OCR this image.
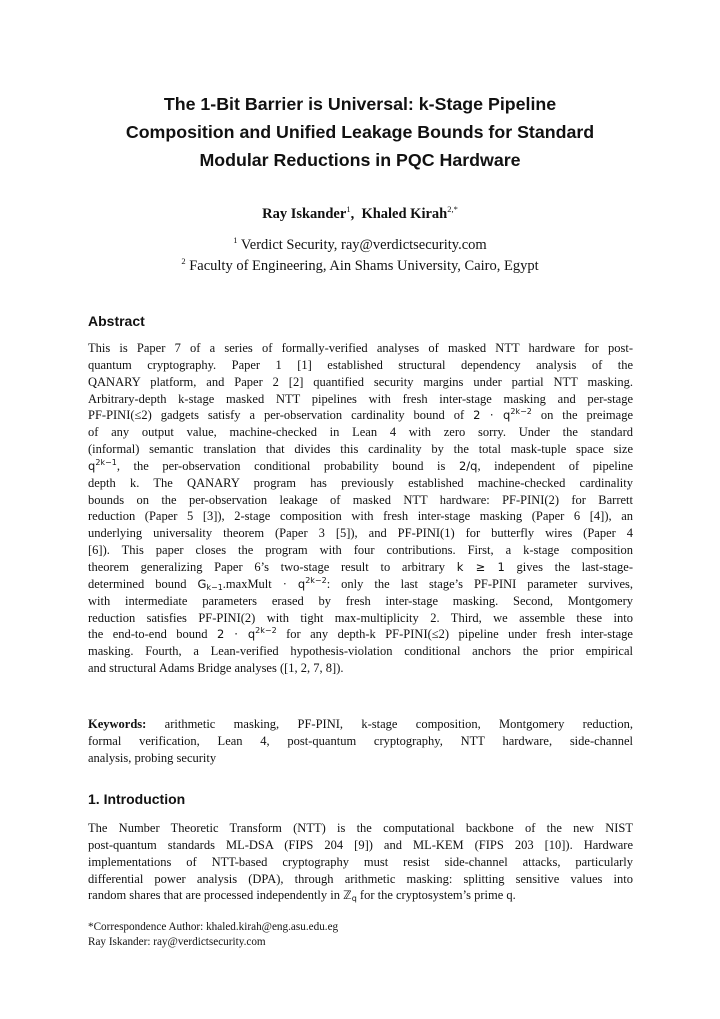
The 1-Bit Barrier is Universal: k-Stage Pipeline
Composition and Unified Leakage Bounds for Standard
Modular Reductions in PQC Hardware
Ray Iskander$^1$,  Khaled Kirah$^{2,*}$
$^1$ Verdict Security, ray@verdictsecurity.com
$^2$ Faculty of Engineering, Ain Shams University, Cairo, Egypt
Abstract
This is Paper 7 of a series of formally-verified analyses of masked NTT hardware for post-
quantum cryptography. Paper 1 [1] established structural dependency analysis of the
QANARY platform, and Paper 2 [2] quantified security margins under partial NTT masking.
Arbitrary-depth k-stage masked NTT pipelines with fresh inter-stage masking and per-stage
PF-PINI(≤2) gadgets satisfy a per-observation cardinality bound of $2 \cdot q^{2k-2}$ on the preimage
of any output value, machine-checked in Lean 4 with zero sorry. Under the standard
(informal) semantic translation that divides this cardinality by the total mask-tuple space size
$q^{2k-1}$, the per-observation conditional probability bound is 2/q, independent of pipeline
depth k. The QANARY program has previously established machine-checked cardinality
bounds on the per-observation leakage of masked NTT hardware: PF-PINI(2) for Barrett
reduction (Paper 5 [3]), 2-stage composition with fresh inter-stage masking (Paper 6 [4]), an
underlying universality theorem (Paper 3 [5]), and PF-PINI(1) for butterfly wires (Paper 4
[6]). This paper closes the program with four contributions. First, a k-stage composition
theorem generalizing Paper 6’s two-stage result to arbitrary k ≥ 1 gives the last-stage-
determined bound $G_{k-1}.maxMult \cdot q^{2k-2}$: only the last stage’s PF-PINI parameter survives,
with intermediate parameters erased by fresh inter-stage masking. Second, Montgomery
reduction satisfies PF-PINI(2) with tight max-multiplicity 2. Third, we assemble these into
the end-to-end bound $2 \cdot q^{2k-2}$ for any depth-k PF-PINI(≤2) pipeline under fresh inter-stage
masking. Fourth, a Lean-verified hypothesis-violation conditional anchors the prior empirical
and structural Adams Bridge analyses ([1, 2, 7, 8]).
Keywords: arithmetic masking, PF-PINI, k-stage composition, Montgomery reduction,
formal verification, Lean 4, post-quantum cryptography, NTT hardware, side-channel
analysis, probing security
1. Introduction
The Number Theoretic Transform (NTT) is the computational backbone of the new NIST
post-quantum standards ML-DSA (FIPS 204 [9]) and ML-KEM (FIPS 203 [10]). Hardware
implementations of NTT-based cryptography must resist side-channel attacks, particularly
differential power analysis (DPA), through arithmetic masking: splitting sensitive values into
random shares that are processed independently in ℤ$_q$ for the cryptosystem’s prime q.
*Correspondence Author: khaled.kirah@eng.asu.edu.eg
Ray Iskander: ray@verdictsecurity.com
